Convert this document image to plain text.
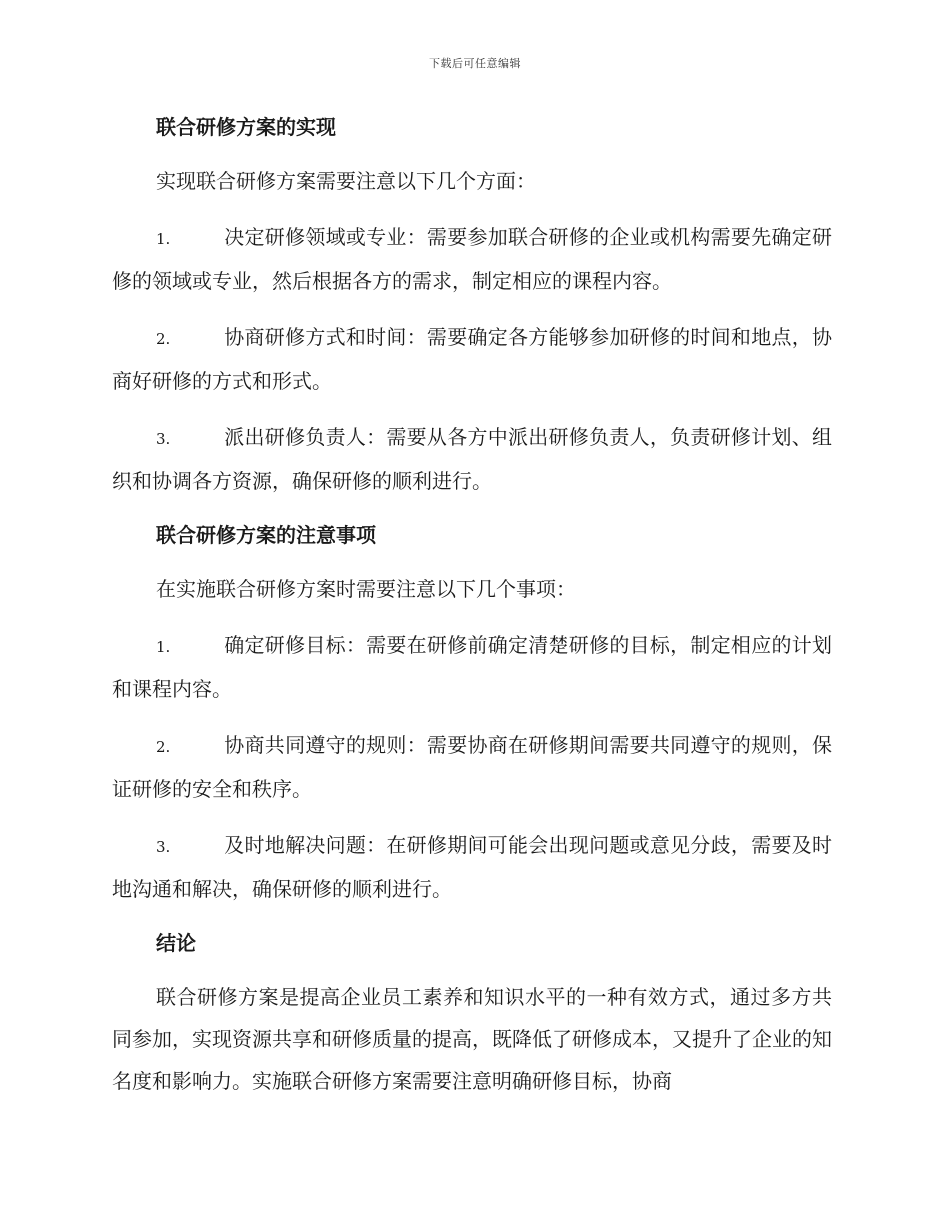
下载后可任意编辑
联合研修方案的实现

实现联合研修方案需要注意以下几个方面：

1.	决定研修领域或专业：需要参加联合研修的企业或机构需要先确定研修的领域或专业，然后根据各方的需求，制定相应的课程内容。

2.	协商研修方式和时间：需要确定各方能够参加研修的时间和地点，协商好研修的方式和形式。

3.	派出研修负责人：需要从各方中派出研修负责人，负责研修计划、组织和协调各方资源，确保研修的顺利进行。

联合研修方案的注意事项

在实施联合研修方案时需要注意以下几个事项：

1.	确定研修目标：需要在研修前确定清楚研修的目标，制定相应的计划和课程内容。

2.	协商共同遵守的规则：需要协商在研修期间需要共同遵守的规则，保证研修的安全和秩序。

3.	及时地解决问题：在研修期间可能会出现问题或意见分歧，需要及时地沟通和解决，确保研修的顺利进行。

结论

联合研修方案是提高企业员工素养和知识水平的一种有效方式，通过多方共同参加，实现资源共享和研修质量的提高，既降低了研修成本，又提升了企业的知名度和影响力。实施联合研修方案需要注意明确研修目标，协商
